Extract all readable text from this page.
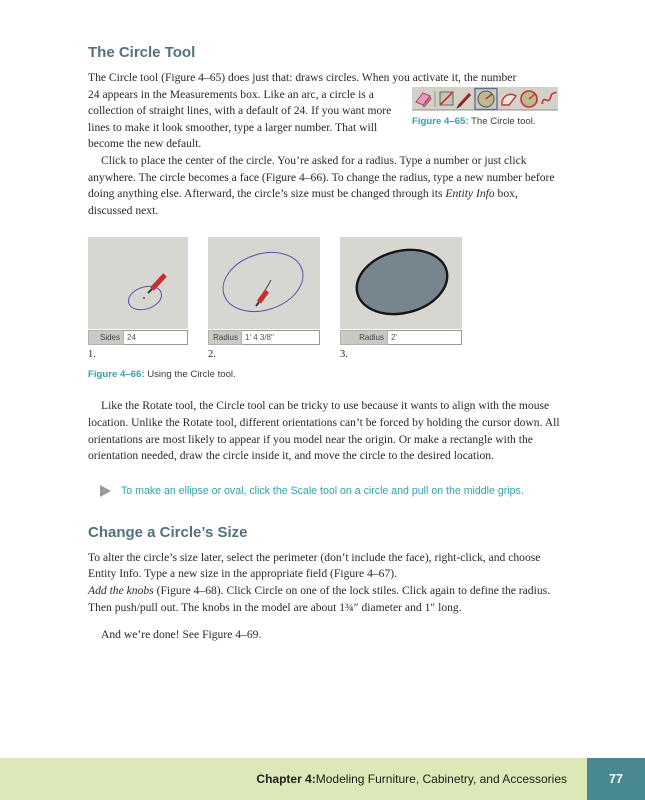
The Circle Tool

The Circle tool (Figure 4–65) does just that: draws circles. When you activate it, the number

Figure 4–65: The Circle tool.

24 appears in the Measurements box. Like an arc, a circle is a collection of straight lines, with a default of 24. If you want more lines to make it look smoother, type a larger number. That will become the new default.

Click to place the center of the circle. You’re asked for a radius. Type a number or just click anywhere. The circle becomes a face (Figure 4–66). To change the radius, type a new number before doing anything else. Afterward, the circle’s size must be changed through its Entity Info box, discussed next.

Sides 24
1.
Radius 1' 4 3/8"
2.
Radius 2'
3.
Figure 4–66: Using the Circle tool.

Like the Rotate tool, the Circle tool can be tricky to use because it wants to align with the mouse location. Unlike the Rotate tool, different orientations can’t be forced by holding the cursor down. All orientations are most likely to appear if you model near the origin. Or make a rectangle with the orientation needed, draw the circle inside it, and move the circle to the desired location.

To make an ellipse or oval, click the Scale tool on a circle and pull on the middle grips.
Change a Circle’s Size

To alter the circle’s size later, select the perimeter (don’t include the face), right-click, and choose Entity Info. Type a new size in the appropriate field (Figure 4–67).

Add the knobs (Figure 4–68). Click Circle on one of the lock stiles. Click again to define the radius. Then push/pull out. The knobs in the model are about 1¾″ diameter and 1″ long.

And we’re done! See Figure 4–69.

Chapter 4: Modeling Furniture, Cabinetry, and Accessories	77
